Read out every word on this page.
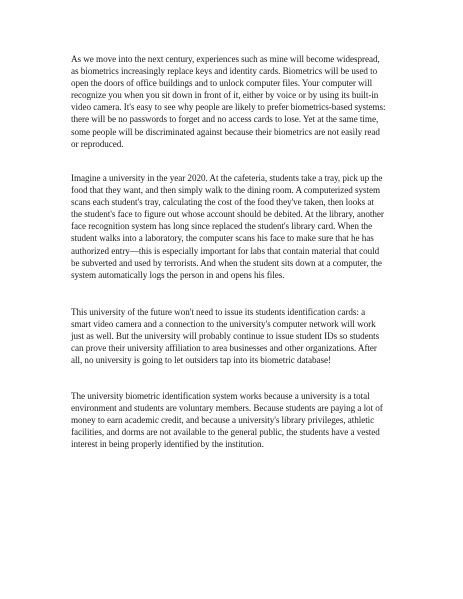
As we move into the next century, experiences such as mine will become widespread,
as biometrics increasingly replace keys and identity cards. Biometrics will be used to
open the doors of office buildings and to unlock computer files. Your computer will
recognize you when you sit down in front of it, either by voice or by using its built-in
video camera. It's easy to see why people are likely to prefer biometrics-based systems:
there will be no passwords to forget and no access cards to lose. Yet at the same time,
some people will be discriminated against because their biometrics are not easily read
or reproduced.

Imagine a university in the year 2020. At the cafeteria, students take a tray, pick up the
food that they want, and then simply walk to the dining room. A computerized system
scans each student's tray, calculating the cost of the food they've taken, then looks at
the student's face to figure out whose account should be debited. At the library, another
face recognition system has long since replaced the student's library card. When the
student walks into a laboratory, the computer scans his face to make sure that he has
authorized entry—this is especially important for labs that contain material that could
be subverted and used by terrorists. And when the student sits down at a computer, the
system automatically logs the person in and opens his files.

This university of the future won't need to issue its students identification cards: a
smart video camera and a connection to the university's computer network will work
just as well. But the university will probably continue to issue student IDs so students
can prove their university affiliation to area businesses and other organizations. After
all, no university is going to let outsiders tap into its biometric database!

The university biometric identification system works because a university is a total
environment and students are voluntary members. Because students are paying a lot of
money to earn academic credit, and because a university's library privileges, athletic
facilities, and dorms are not available to the general public, the students have a vested
interest in being properly identified by the institution.
